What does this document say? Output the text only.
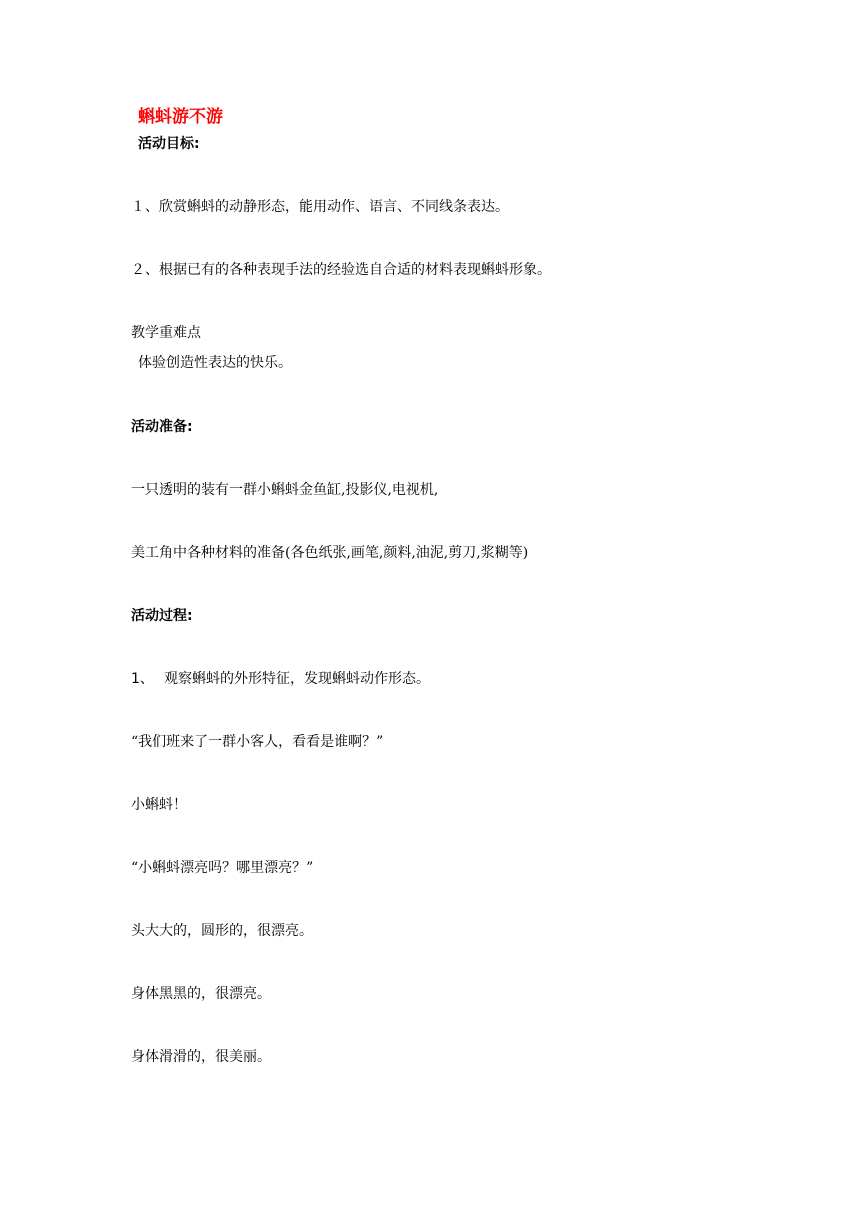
蝌蚪游不游
活动目标:
１、欣赏蝌蚪的动静形态，能用动作、语言、不同线条表达。
２、根据已有的各种表现手法的经验选自合适的材料表现蝌蚪形象。
教学重难点
体验创造性表达的快乐。
活动准备:
一只透明的装有一群小蝌蚪金鱼缸,投影仪,电视机,
美工角中各种材料的准备(各色纸张,画笔,颜料,油泥,剪刀,浆糊等)
活动过程:
1、 观察蝌蚪的外形特征，发现蝌蚪动作形态。
“我们班来了一群小客人，看看是谁啊？”
小蝌蚪！
“小蝌蚪漂亮吗？哪里漂亮？”
头大大的，圆形的，很漂亮。
身体黑黑的，很漂亮。
身体滑滑的，很美丽。
